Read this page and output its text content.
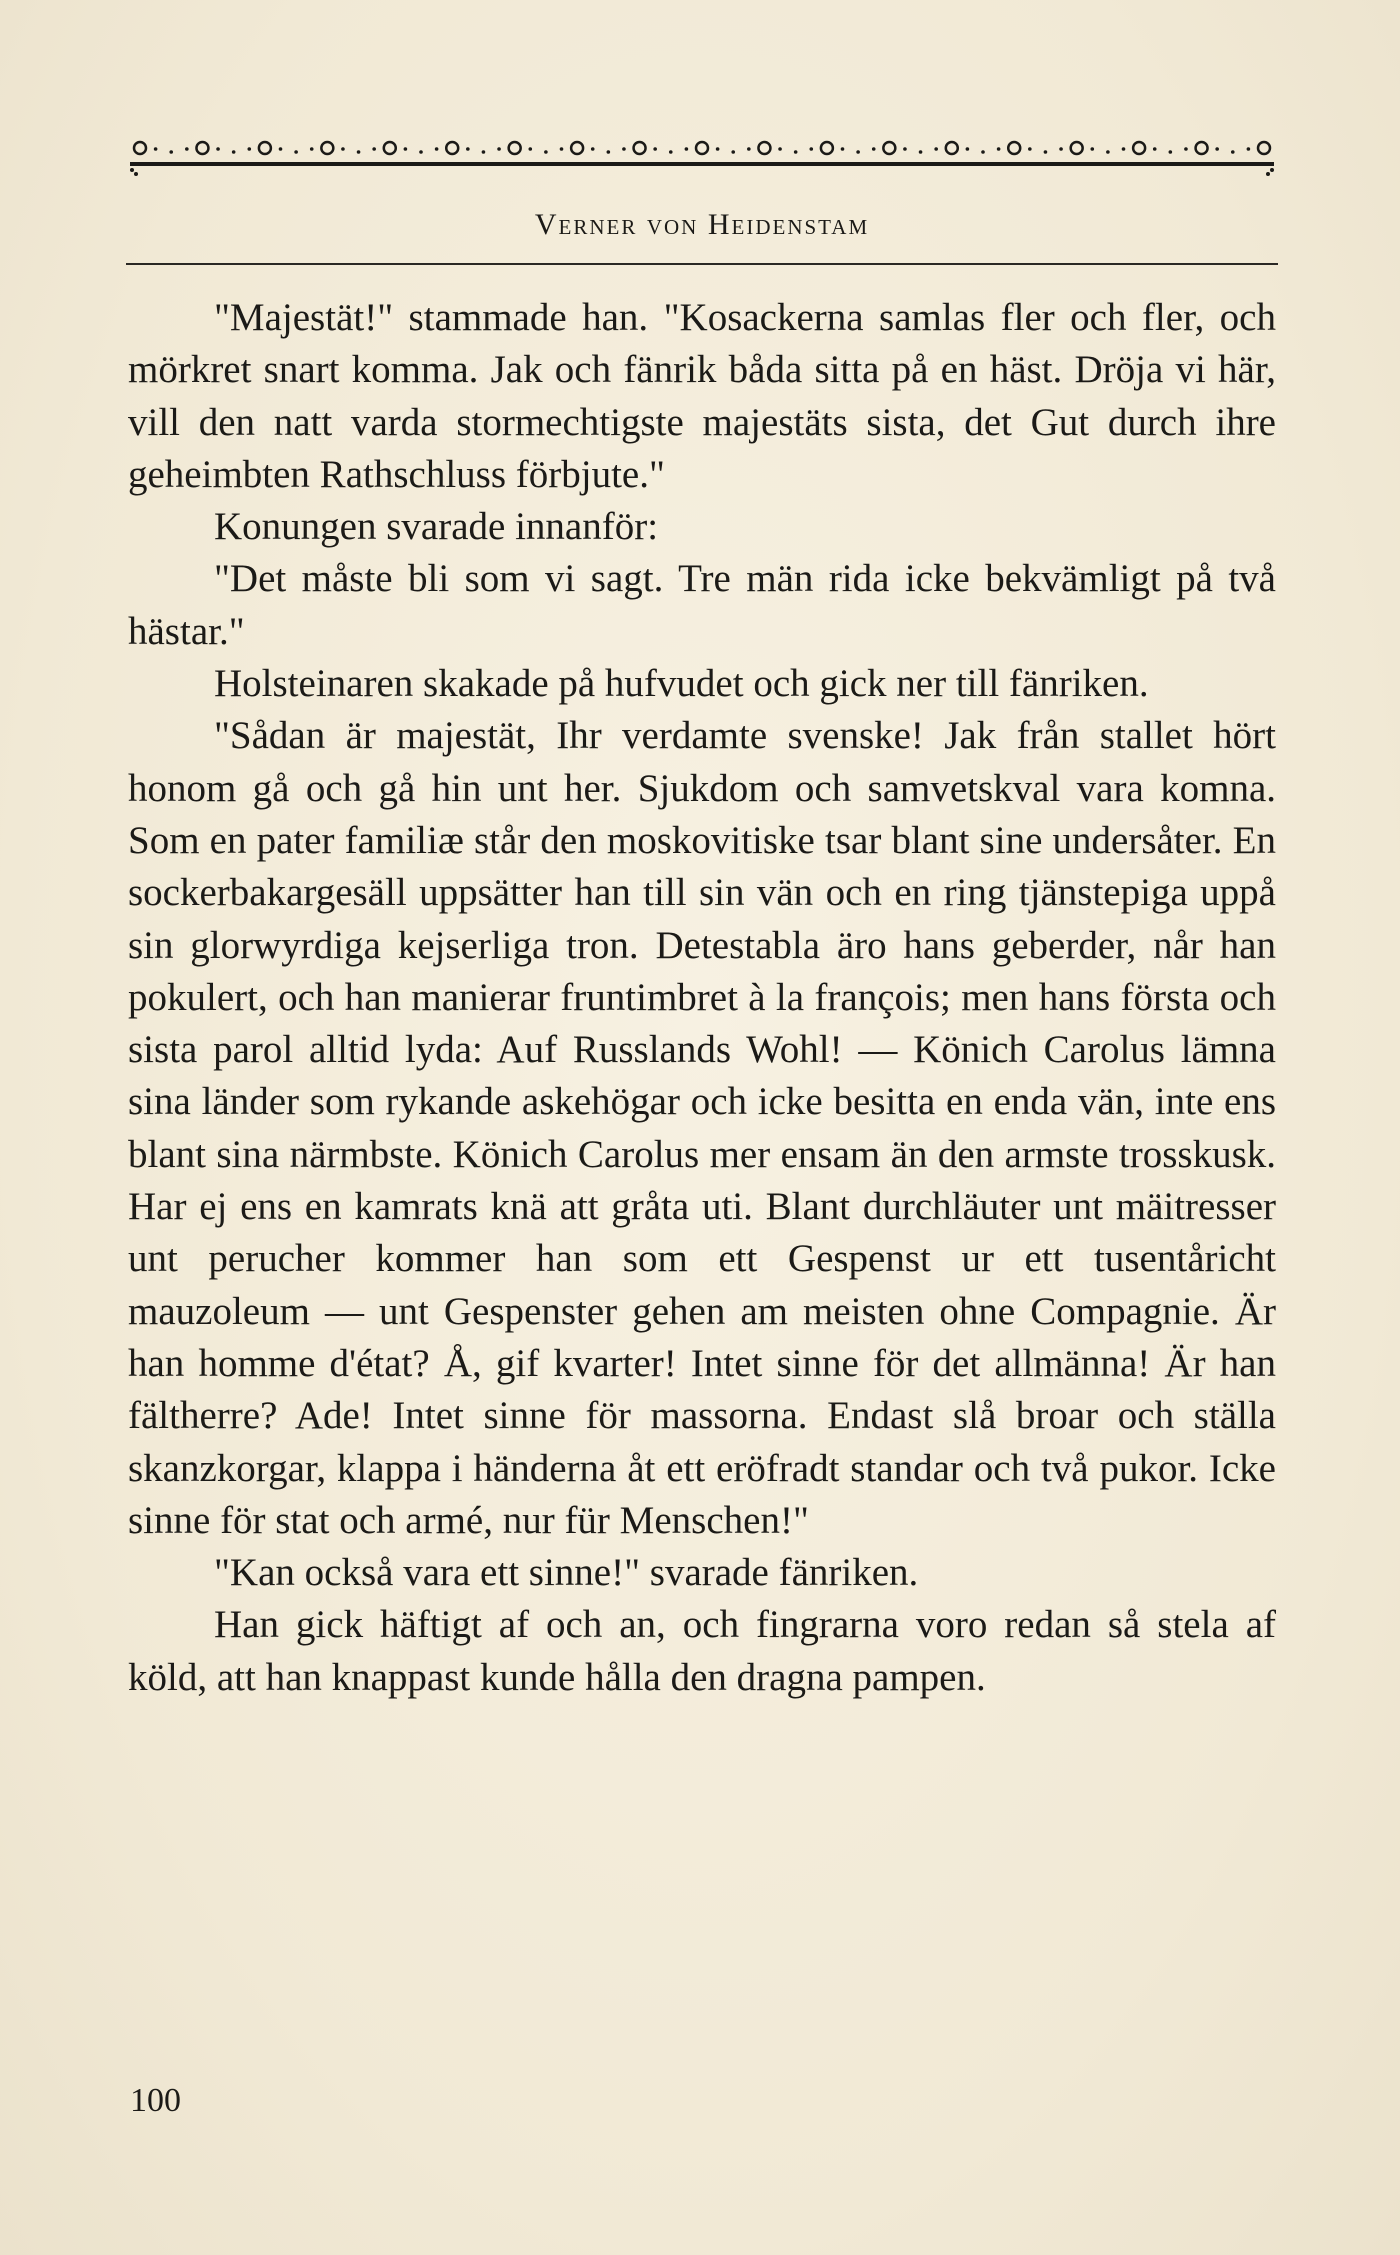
Verner von Heidenstam

"Majestät!" stammade han. "Kosackerna samlas fler och fler, och mörkret snart komma. Jak och fänrik båda sitta på en häst. Dröja vi här, vill den natt varda stormechtigste majestäts sista, det Gut durch ihre geheimbten Rathschluss förbjute."

Konungen svarade innanför:

"Det måste bli som vi sagt. Tre män rida icke bekvämligt på två hästar."

Holsteinaren skakade på hufvudet och gick ner till fänriken.

"Sådan är majestät, Ihr verdamte svenske! Jak från stallet hört honom gå och gå hin unt her. Sjukdom och samvetskval vara komna. Som en pater familiæ står den moskovitiske tsar blant sine undersåter. En sockerbakargesäll uppsätter han till sin vän och en ring tjänstepiga uppå sin glorwyrdiga kejserliga tron. Detestabla äro hans geberder, når han pokulert, och han manierar fruntimbret à la françois; men hans första och sista parol alltid lyda: Auf Russlands Wohl! — Könich Carolus lämna sina länder som rykande askehögar och icke besitta en enda vän, inte ens blant sina närmbste. Könich Carolus mer ensam än den armste trosskusk. Har ej ens en kamrats knä att gråta uti. Blant durchläuter unt mäitresser unt perucher kommer han som ett Gespenst ur ett tusentåricht mauzoleum — unt Gespenster gehen am meisten ohne Compagnie. Är han homme d'état? Å, gif kvarter! Intet sinne för det allmänna! Är han fältherre? Ade! Intet sinne för massorna. Endast slå broar och ställa skanzkorgar, klappa i händerna åt ett eröfradt standar och två pukor. Icke sinne för stat och armé, nur für Menschen!"

"Kan också vara ett sinne!" svarade fänriken.

Han gick häftigt af och an, och fingrarna voro redan så stela af köld, att han knappast kunde hålla den dragna pampen.

100
